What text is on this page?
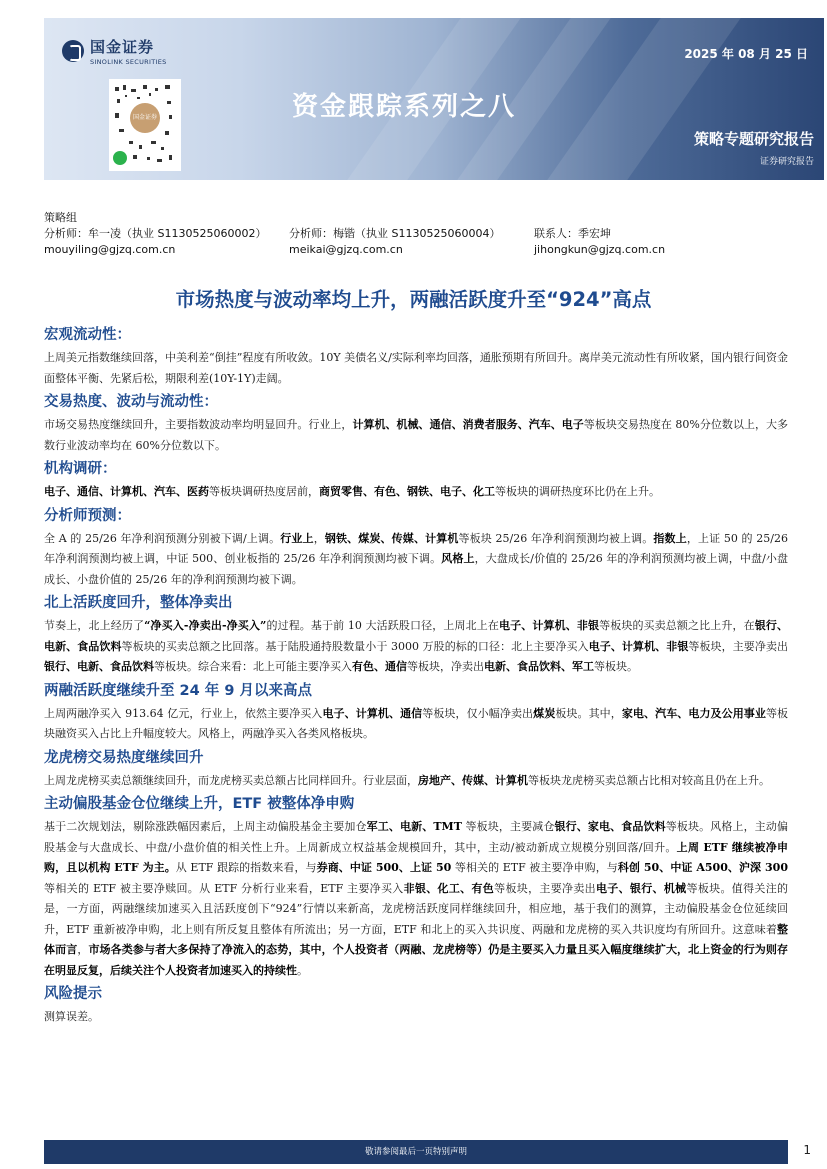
国金证券
SINOLINK SECURITIES
2025 年 08 月 25 日
国金证券	资金跟踪系列之八
策略专题研究报告
证券研究报告
策略组
分析师：牟一凌（执业 S1130525060002）	分析师：梅锴（执业 S1130525060004）	联系人：季宏坤
mouyiling@gjzq.com.cn	meikai@gjzq.com.cn	jihongkun@gjzq.com.cn
市场热度与波动率均上升，两融活跃度升至“924”高点
宏观流动性：

上周美元指数继续回落，中美利差“倒挂”程度有所收敛。10Y 美债名义/实际利率均回落，通胀预期有所回升。离岸美元流动性有所收紧，国内银行间资金面整体平衡、先紧后松，期限利差(10Y-1Y)走阔。

交易热度、波动与流动性：

市场交易热度继续回升，主要指数波动率均明显回升。行业上，计算机、机械、通信、消费者服务、汽车、电子等板块交易热度在 80%分位数以上，大多数行业波动率均在 60%分位数以下。

机构调研：

电子、通信、计算机、汽车、医药等板块调研热度居前，商贸零售、有色、钢铁、电子、化工等板块的调研热度环比仍在上升。

分析师预测：

全 A 的 25/26 年净利润预测分别被下调/上调。行业上，钢铁、煤炭、传媒、计算机等板块 25/26 年净利润预测均被上调。指数上，上证 50 的 25/26 年净利润预测均被上调，中证 500、创业板指的 25/26 年净利润预测均被下调。风格上，大盘成长/价值的 25/26 年的净利润预测均被上调，中盘/小盘成长、小盘价值的 25/26 年的净利润预测均被下调。

北上活跃度回升，整体净卖出

节奏上，北上经历了“净买入-净卖出-净买入”的过程。基于前 10 大活跃股口径，上周北上在电子、计算机、非银等板块的买卖总额之比上升，在银行、电新、食品饮料等板块的买卖总额之比回落。基于陆股通持股数量小于 3000 万股的标的口径：北上主要净买入电子、计算机、非银等板块，主要净卖出银行、电新、食品饮料等板块。综合来看：北上可能主要净买入有色、通信等板块，净卖出电新、食品饮料、军工等板块。

两融活跃度继续升至 24 年 9 月以来高点

上周两融净买入 913.64 亿元，行业上，依然主要净买入电子、计算机、通信等板块，仅小幅净卖出煤炭板块。其中，家电、汽车、电力及公用事业等板块融资买入占比上升幅度较大。风格上，两融净买入各类风格板块。

龙虎榜交易热度继续回升

上周龙虎榜买卖总额继续回升，而龙虎榜买卖总额占比同样回升。行业层面，房地产、传媒、计算机等板块龙虎榜买卖总额占比相对较高且仍在上升。

主动偏股基金仓位继续上升，ETF 被整体净申购

基于二次规划法，剔除涨跌幅因素后，上周主动偏股基金主要加仓军工、电新、TMT 等板块，主要减仓银行、家电、食品饮料等板块。风格上，主动偏股基金与大盘成长、中盘/小盘价值的相关性上升。上周新成立权益基金规模回升，其中，主动/被动新成立规模分别回落/回升。上周 ETF 继续被净申购，且以机构 ETF 为主。从 ETF 跟踪的指数来看，与券商、中证 500、上证 50 等相关的 ETF 被主要净申购，与科创 50、中证 A500、沪深 300 等相关的 ETF 被主要净赎回。从 ETF 分析行业来看，ETF 主要净买入非银、化工、有色等板块，主要净卖出电子、银行、机械等板块。值得关注的是，一方面，两融继续加速买入且活跃度创下“924”行情以来新高，龙虎榜活跃度同样继续回升，相应地，基于我们的测算，主动偏股基金仓位延续回升，ETF 重新被净申购，北上则有所反复且整体有所流出；另一方面，ETF 和北上的买入共识度、两融和龙虎榜的买入共识度均有所回升。这意味着整体而言，市场各类参与者大多保持了净流入的态势，其中，个人投资者（两融、龙虎榜等）仍是主要买入力量且买入幅度继续扩大，北上资金的行为则存在明显反复，后续关注个人投资者加速买入的持续性。

风险提示

测算误差。

敬请参阅最后一页特别声明	1
